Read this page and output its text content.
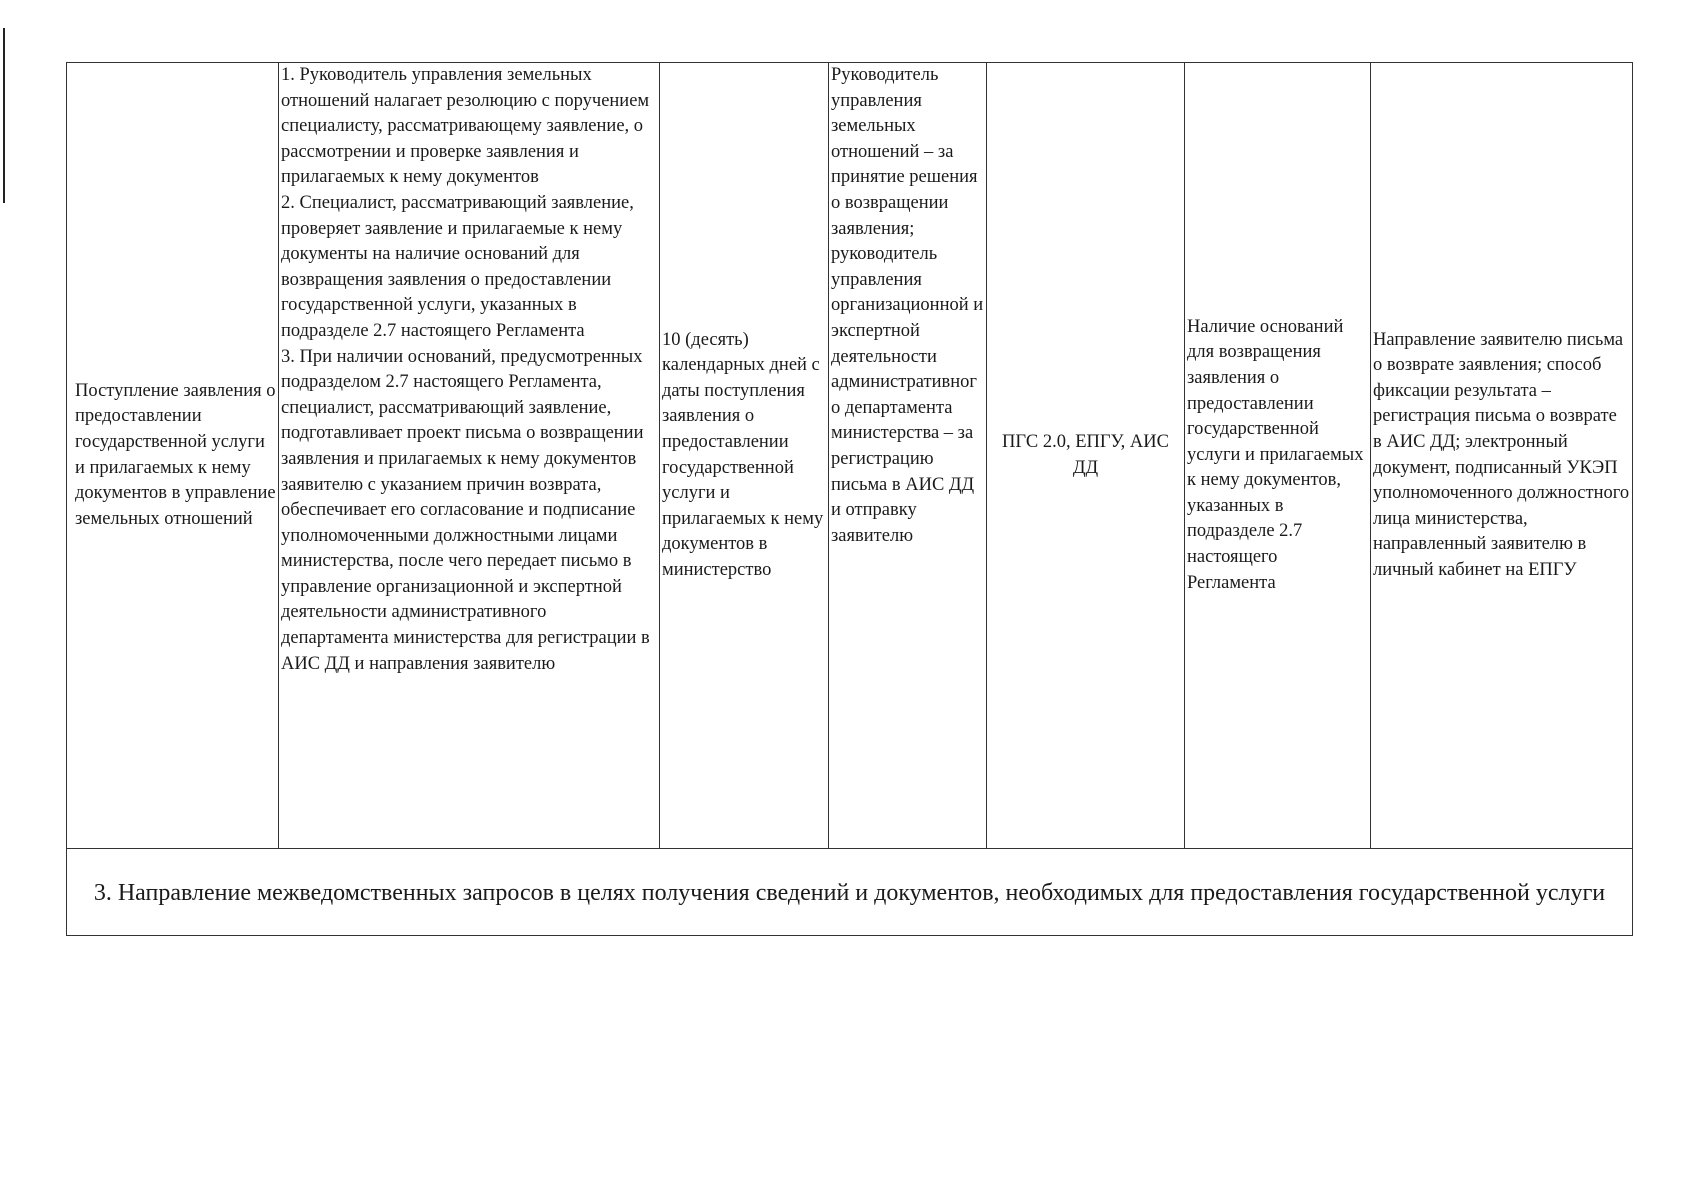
Поступление заявления о предоставлении государственной услуги и прилагаемых к нему документов в управление земельных отношений	1. Руководитель управления земельных отношений налагает резолюцию с поручением специалисту, рассматривающему заявление, о рассмотрении и проверке заявления и прилагаемых к нему документов
2. Специалист, рассматривающий заявление, проверяет заявление и прилагаемые к нему документы на наличие оснований для возвращения заявления о предоставлении государственной услуги, указанных в подразделе 2.7 настоящего Регламента
3. При наличии оснований, предусмотренных подразделом 2.7 настоящего Регламента, специалист, рассматривающий заявление, подготавливает проект письма о возвращении заявления и прилагаемых к нему документов заявителю с указанием причин возврата, обеспечивает его согласование и подписание уполномоченными должностными лицами министерства, после чего передает письмо в управление организационной и экспертной деятельности административного департамента министерства для регистрации в АИС ДД и направления заявителю	10 (десять) календарных дней с даты поступления заявления о предоставлении государственной услуги и прилагаемых к нему документов в министерство	Руководитель управления земельных отношений – за принятие решения о возвращении заявления; руководитель управления организационной и экспертной деятельности административного департамента министерства – за регистрацию письма в АИС ДД и отправку заявителю	ПГС 2.0, ЕПГУ, АИС ДД	Наличие оснований для возвращения заявления о предоставлении государственной услуги и прилагаемых к нему документов, указанных в подразделе 2.7 настоящего Регламента	Направление заявителю письма о возврате заявления; способ фиксации результата – регистрация письма о возврате в АИС ДД; электронный документ, подписанный УКЭП уполномоченного должностного лица министерства, направленный заявителю в личный кабинет на ЕПГУ
3. Направление межведомственных запросов в целях получения сведений и документов, необходимых для предоставления государственной услуги
